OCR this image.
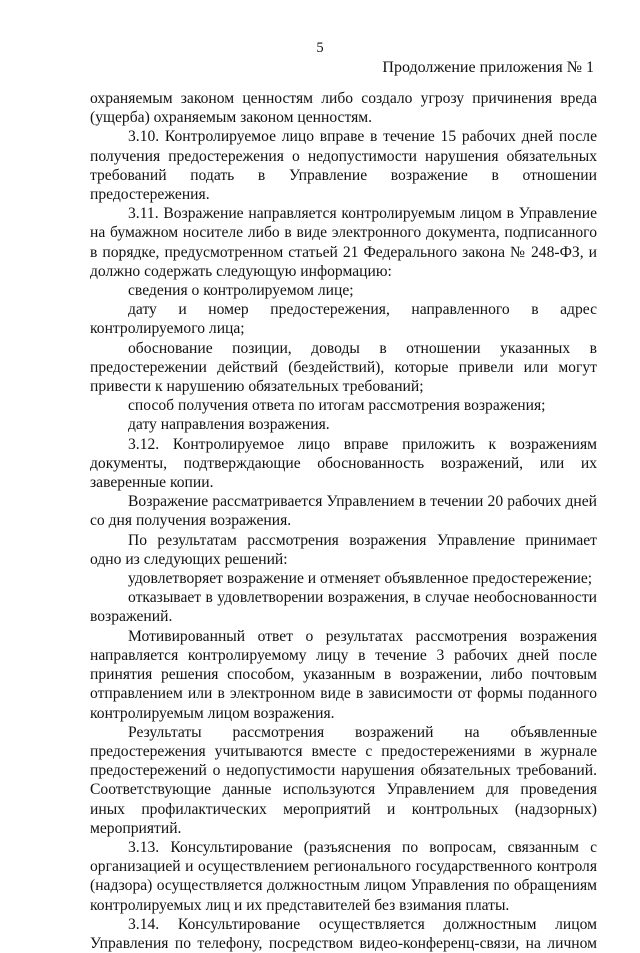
5
Продолжение приложения № 1

охраняемым законом ценностям либо создало угрозу причинения вреда (ущерба) охраняемым законом ценностям.

3.10. Контролируемое лицо вправе в течение 15 рабочих дней после получения предостережения о недопустимости нарушения обязательных требований подать в Управление возражение в отношении предостережения.

3.11. Возражение направляется контролируемым лицом в Управление на бумажном носителе либо в виде электронного документа, подписанного в порядке, предусмотренном статьей 21 Федерального закона № 248-ФЗ, и должно содержать следующую информацию:

сведения о контролируемом лице;

дату и номер предостережения, направленного в адрес контролируемого лица;

обоснование позиции, доводы в отношении указанных в предостережении действий (бездействий), которые привели или могут привести к нарушению обязательных требований;

способ получения ответа по итогам рассмотрения возражения;

дату направления возражения.

3.12. Контролируемое лицо вправе приложить к возражениям документы, подтверждающие обоснованность возражений, или их заверенные копии.

Возражение рассматривается Управлением в течении 20 рабочих дней со дня получения возражения.

По результатам рассмотрения возражения Управление принимает одно из следующих решений:

удовлетворяет возражение и отменяет объявленное предостережение;

отказывает в удовлетворении возражения, в случае необоснованности возражений.

Мотивированный ответ о результатах рассмотрения возражения направляется контролируемому лицу в течение 3 рабочих дней после принятия решения способом, указанным в возражении, либо почтовым отправлением или в электронном виде в зависимости от формы поданного контролируемым лицом возражения.

Результаты рассмотрения возражений на объявленные предостережения учитываются вместе с предостережениями в журнале предостережений о недопустимости нарушения обязательных требований. Соответствующие данные используются Управлением для проведения иных профилактических мероприятий и контрольных (надзорных) мероприятий.

3.13. Консультирование (разъяснения по вопросам, связанным с организацией и осуществлением регионального государственного контроля (надзора) осуществляется должностным лицом Управления по обращениям контролируемых лиц и их представителей без взимания платы.

3.14. Консультирование осуществляется должностным лицом Управления по телефону, посредством видео-конференц-связи, на личном
